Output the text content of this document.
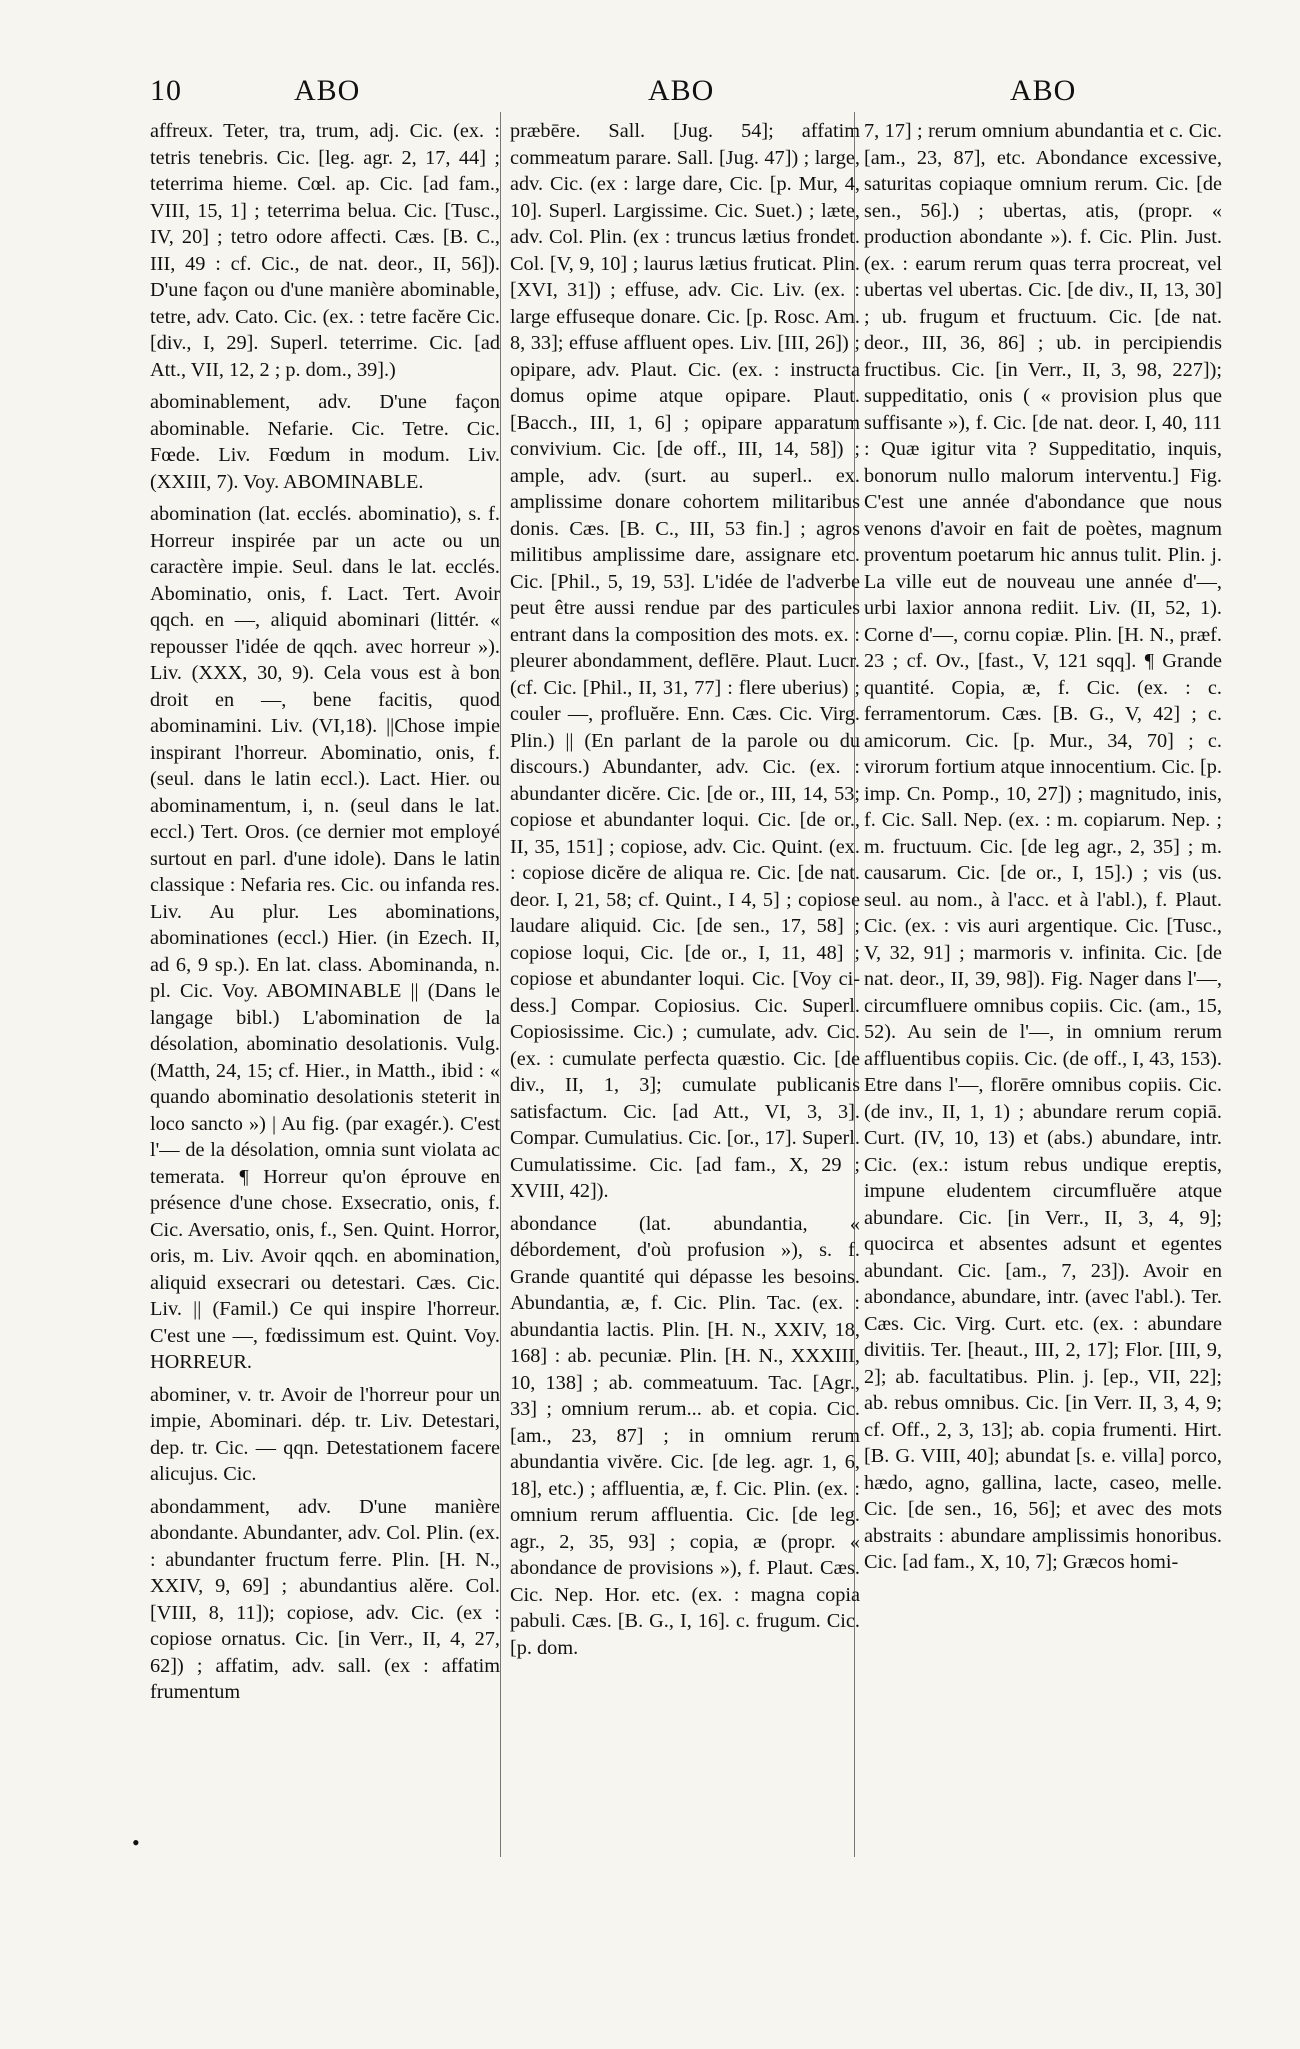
10	ABO	ABO	ABO

affreux. Teter, tra, trum, adj. Cic. (ex. : tetris tenebris. Cic. [leg. agr. 2, 17, 44] ; teterrima hieme. Cœl. ap. Cic. [ad fam., VIII, 15, 1] ; teterrima belua. Cic. [Tusc., IV, 20] ; tetro odore affecti. Cæs. [B. C., III, 49 : cf. Cic., de nat. deor., II, 56]). D'une façon ou d'une manière abominable, tetre, adv. Cato. Cic. (ex. : tetre facĕre Cic. [div., I, 29]. Superl. teterrime. Cic. [ad Att., VII, 12, 2 ; p. dom., 39].)

abominablement, adv. D'une façon abominable. Nefarie. Cic. Tetre. Cic. Fœde. Liv. Fœdum in modum. Liv. (XXIII, 7). Voy. ABOMINABLE.

abomination (lat. ecclés. abominatio), s. f. Horreur inspirée par un acte ou un caractère impie. Seul. dans le lat. ecclés. Abominatio, onis, f. Lact. Tert. Avoir qqch. en —, aliquid abominari (littér. « repousser l'idée de qqch. avec horreur »). Liv. (XXX, 30, 9). Cela vous est à bon droit en —, bene facitis, quod abominamini. Liv. (VI,18). ||Chose impie inspirant l'horreur. Abominatio, onis, f. (seul. dans le latin eccl.). Lact. Hier. ou abominamentum, i, n. (seul dans le lat. eccl.) Tert. Oros. (ce dernier mot employé surtout en parl. d'une idole). Dans le latin classique : Nefaria res. Cic. ou infanda res. Liv. Au plur. Les abominations, abominationes (eccl.) Hier. (in Ezech. II, ad 6, 9 sp.). En lat. class. Abominanda, n. pl. Cic. Voy. ABOMINABLE || (Dans le langage bibl.) L'abomination de la désolation, abominatio desolationis. Vulg. (Matth, 24, 15; cf. Hier., in Matth., ibid : « quando abominatio desolationis steterit in loco sancto ») | Au fig. (par exagér.). C'est l'— de la désolation, omnia sunt violata ac temerata. ¶ Horreur qu'on éprouve en présence d'une chose. Exsecratio, onis, f. Cic. Aversatio, onis, f., Sen. Quint. Horror, oris, m. Liv. Avoir qqch. en abomination, aliquid exsecrari ou detestari. Cæs. Cic. Liv. || (Famil.) Ce qui inspire l'horreur. C'est une —, fœdissimum est. Quint. Voy. HORREUR.

abominer, v. tr. Avoir de l'horreur pour un impie, Abominari. dép. tr. Liv. Detestari, dep. tr. Cic. — qqn. Detestationem facere alicujus. Cic.

abondamment, adv. D'une manière abondante. Abundanter, adv. Col. Plin. (ex. : abundanter fructum ferre. Plin. [H. N., XXIV, 9, 69] ; abundantius alĕre. Col. [VIII, 8, 11]); copiose, adv. Cic. (ex : copiose ornatus. Cic. [in Verr., II, 4, 27, 62]) ; affatim, adv. sall. (ex : affatim frumentum

præbēre. Sall. [Jug. 54]; affatim commeatum parare. Sall. [Jug. 47]) ; large, adv. Cic. (ex : large dare, Cic. [p. Mur, 4, 10]. Superl. Largissime. Cic. Suet.) ; læte, adv. Col. Plin. (ex : truncus lætius frondet. Col. [V, 9, 10] ; laurus lætius fruticat. Plin. [XVI, 31]) ; effuse, adv. Cic. Liv. (ex. : large effuseque donare. Cic. [p. Rosc. Am. 8, 33]; effuse affluent opes. Liv. [III, 26]) ; opipare, adv. Plaut. Cic. (ex. : instructa domus opime atque opipare. Plaut. [Bacch., III, 1, 6] ; opipare apparatum convivium. Cic. [de off., III, 14, 58]) ; ample, adv. (surt. au superl.. ex. amplissime donare cohortem militaribus donis. Cæs. [B. C., III, 53 fin.] ; agros militibus amplissime dare, assignare etc. Cic. [Phil., 5, 19, 53]. L'idée de l'adverbe peut être aussi rendue par des particules entrant dans la composition des mots. ex. : pleurer abondamment, deflēre. Plaut. Lucr. (cf. Cic. [Phil., II, 31, 77] : flere uberius) ; couler —, profluĕre. Enn. Cæs. Cic. Virg. Plin.) || (En parlant de la parole ou du discours.) Abundanter, adv. Cic. (ex. : abundanter dicĕre. Cic. [de or., III, 14, 53; copiose et abundanter loqui. Cic. [de or., II, 35, 151] ; copiose, adv. Cic. Quint. (ex. : copiose dicĕre de aliqua re. Cic. [de nat. deor. I, 21, 58; cf. Quint., I 4, 5] ; copiose laudare aliquid. Cic. [de sen., 17, 58] ; copiose loqui, Cic. [de or., I, 11, 48] ; copiose et abundanter loqui. Cic. [Voy ci-dess.] Compar. Copiosius. Cic. Superl. Copiosissime. Cic.) ; cumulate, adv. Cic. (ex. : cumulate perfecta quæstio. Cic. [de div., II, 1, 3]; cumulate publicanis satisfactum. Cic. [ad Att., VI, 3, 3]. Compar. Cumulatius. Cic. [or., 17]. Superl. Cumulatissime. Cic. [ad fam., X, 29 ; XVIII, 42]).

abondance (lat. abundantia, « débordement, d'où profusion »), s. f. Grande quantité qui dépasse les besoins. Abundantia, æ, f. Cic. Plin. Tac. (ex. : abundantia lactis. Plin. [H. N., XXIV, 18, 168] : ab. pecuniæ. Plin. [H. N., XXXIII, 10, 138] ; ab. commeatuum. Tac. [Agr., 33] ; omnium rerum... ab. et copia. Cic. [am., 23, 87] ; in omnium rerum abundantia vivĕre. Cic. [de leg. agr. 1, 6, 18], etc.) ; affluentia, æ, f. Cic. Plin. (ex. : omnium rerum affluentia. Cic. [de leg. agr., 2, 35, 93] ; copia, æ (propr. « abondance de provisions »), f. Plaut. Cæs. Cic. Nep. Hor. etc. (ex. : magna copia pabuli. Cæs. [B. G., I, 16]. c. frugum. Cic. [p. dom.

7, 17] ; rerum omnium abundantia et c. Cic. [am., 23, 87], etc. Abondance excessive, saturitas copiaque omnium rerum. Cic. [de sen., 56].) ; ubertas, atis, (propr. « production abondante »). f. Cic. Plin. Just. (ex. : earum rerum quas terra procreat, vel ubertas vel ubertas. Cic. [de div., II, 13, 30] ; ub. frugum et fructuum. Cic. [de nat. deor., III, 36, 86] ; ub. in percipiendis fructibus. Cic. [in Verr., II, 3, 98, 227]); suppeditatio, onis ( « provision plus que suffisante »), f. Cic. [de nat. deor. I, 40, 111 : Quæ igitur vita ? Suppeditatio, inquis, bonorum nullo malorum interventu.] Fig. C'est une année d'abondance que nous venons d'avoir en fait de poètes, magnum proventum poetarum hic annus tulit. Plin. j. La ville eut de nouveau une année d'—, urbi laxior annona rediit. Liv. (II, 52, 1). Corne d'—, cornu copiæ. Plin. [H. N., præf. 23 ; cf. Ov., [fast., V, 121 sqq]. ¶ Grande quantité. Copia, æ, f. Cic. (ex. : c. ferramentorum. Cæs. [B. G., V, 42] ; c. amicorum. Cic. [p. Mur., 34, 70] ; c. virorum fortium atque innocentium. Cic. [p. imp. Cn. Pomp., 10, 27]) ; magnitudo, inis, f. Cic. Sall. Nep. (ex. : m. copiarum. Nep. ; m. fructuum. Cic. [de leg agr., 2, 35] ; m. causarum. Cic. [de or., I, 15].) ; vis (us. seul. au nom., à l'acc. et à l'abl.), f. Plaut. Cic. (ex. : vis auri argentique. Cic. [Tusc., V, 32, 91] ; marmoris v. infinita. Cic. [de nat. deor., II, 39, 98]). Fig. Nager dans l'—, circumfluere omnibus copiis. Cic. (am., 15, 52). Au sein de l'—, in omnium rerum affluentibus copiis. Cic. (de off., I, 43, 153). Etre dans l'—, florēre omnibus copiis. Cic. (de inv., II, 1, 1) ; abundare rerum copiā. Curt. (IV, 10, 13) et (abs.) abundare, intr. Cic. (ex.: istum rebus undique ereptis, impune eludentem circumfluĕre atque abundare. Cic. [in Verr., II, 3, 4, 9]; quocirca et absentes adsunt et egentes abundant. Cic. [am., 7, 23]). Avoir en abondance, abundare, intr. (avec l'abl.). Ter. Cæs. Cic. Virg. Curt. etc. (ex. : abundare divitiis. Ter. [heaut., III, 2, 17]; Flor. [III, 9, 2]; ab. facultatibus. Plin. j. [ep., VII, 22]; ab. rebus omnibus. Cic. [in Verr. II, 3, 4, 9; cf. Off., 2, 3, 13]; ab. copia frumenti. Hirt. [B. G. VIII, 40]; abundat [s. e. villa] porco, hædo, agno, gallina, lacte, caseo, melle. Cic. [de sen., 16, 56]; et avec des mots abstraits : abundare amplissimis honoribus. Cic. [ad fam., X, 10, 7]; Græcos homi-

•
